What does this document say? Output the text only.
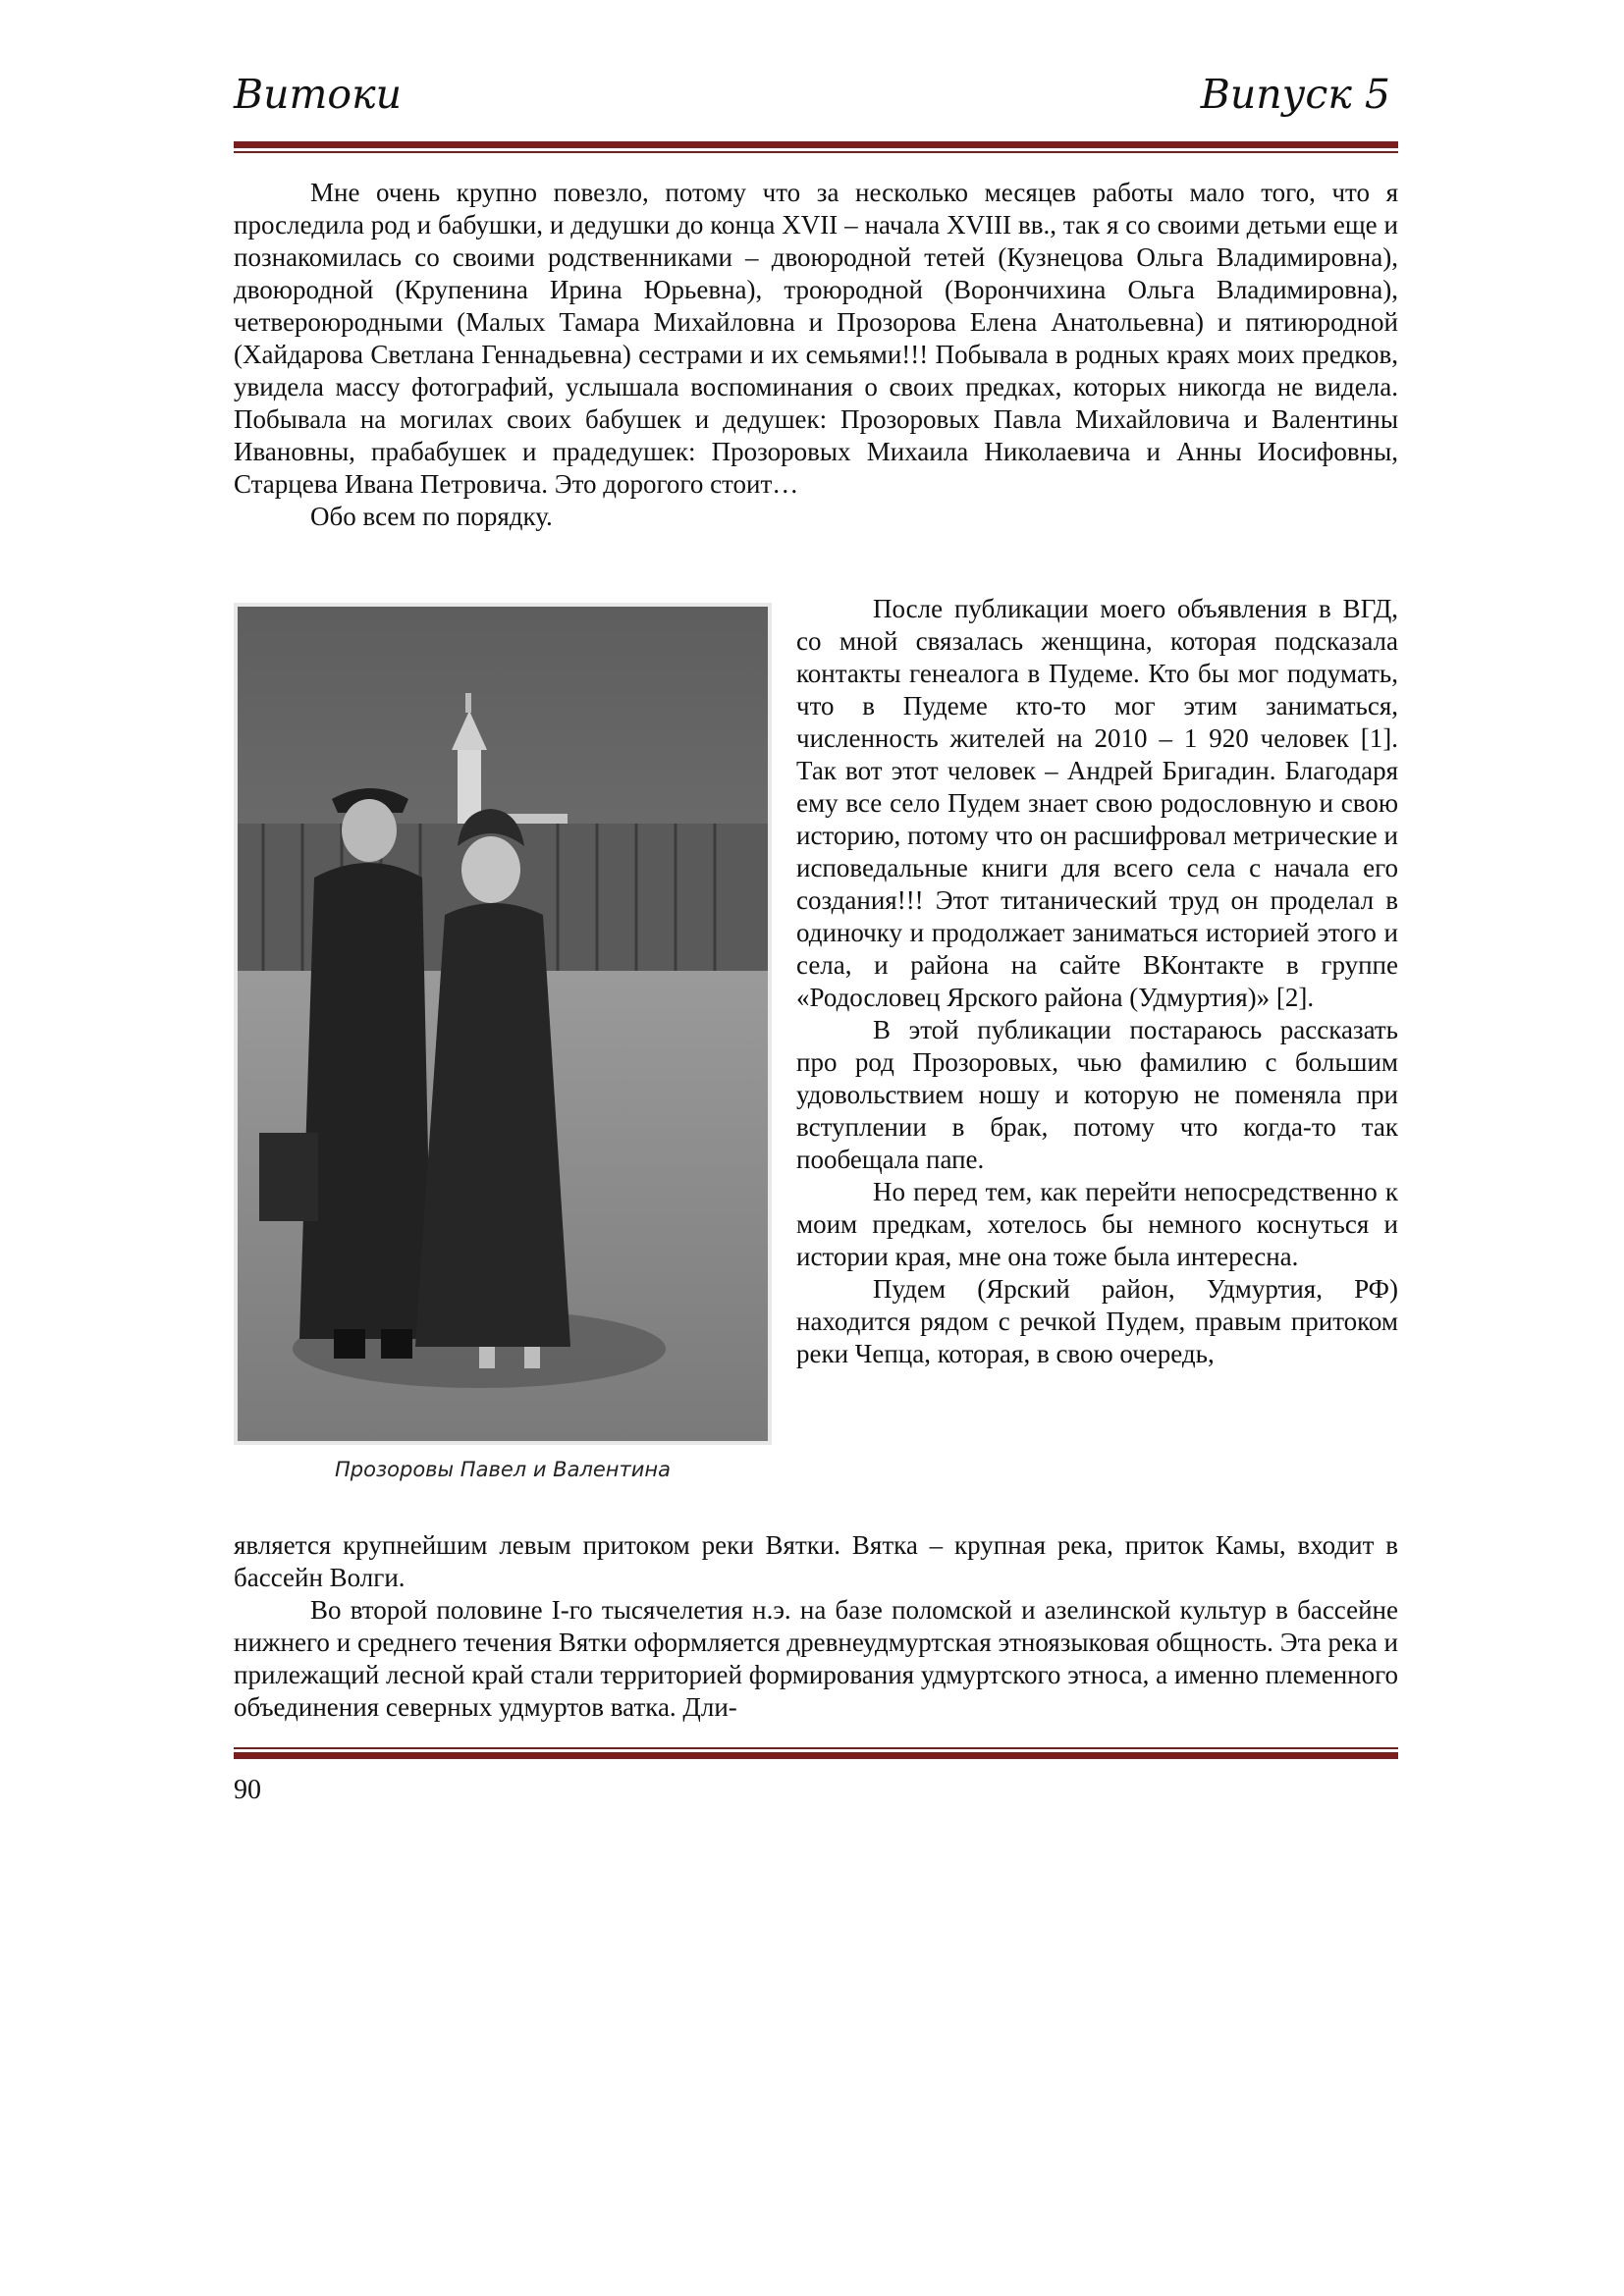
Витоки	Випуск 5

Мне очень крупно повезло, потому что за несколько месяцев работы мало того, что я проследила род и бабушки, и дедушки до конца XVII – начала XVIII вв., так я со своими детьми еще и познакомилась со своими родственниками – двоюродной тетей (Кузнецова Ольга Владимировна), двоюродной (Крупенина Ирина Юрьевна), троюродной (Ворончихина Ольга Владимировна), четвероюродными (Малых Тамара Михайловна и Прозорова Елена Анатольевна) и пятиюродной (Хайдарова Светлана Геннадьевна) сестрами и их семьями!!! Побывала в родных краях моих предков, увидела массу фотографий, услышала воспоминания о своих предках, которых никогда не видела. Побывала на могилах своих бабушек и дедушек: Прозоровых Павла Михайловича и Валентины Ивановны, прабабушек и прадедушек: Прозоровых Михаила Николаевича и Анны Иосифовны, Старцева Ивана Петровича. Это дорогого стоит…

Обо всем по порядку.

Прозоровы Павел и Валентина

После публикации моего объявления в ВГД, со мной связалась женщина, которая подсказала контакты генеалога в Пудеме. Кто бы мог подумать, что в Пудеме кто-то мог этим заниматься, численность жителей на 2010 – 1 920 человек [1]. Так вот этот человек – Андрей Бригадин. Благодаря ему все село Пудем знает свою родословную и свою историю, потому что он расшифровал метрические и исповедальные книги для всего села с начала его создания!!! Этот титанический труд он проделал в одиночку и продолжает заниматься историей этого и села, и района на сайте ВКонтакте в группе «Родословец Ярского района (Удмуртия)» [2].

В этой публикации постараюсь рассказать про род Прозоровых, чью фамилию с большим удовольствием ношу и которую не поменяла при вступлении в брак, потому что когда-то так пообещала папе.

Но перед тем, как перейти непосредственно к моим предкам, хотелось бы немного коснуться и истории края, мне она тоже была интересна.

Пудем (Ярский район, Удмуртия, РФ) находится рядом с речкой Пудем, правым притоком реки Чепца, которая, в свою очередь,

является крупнейшим левым притоком реки Вятки. Вятка – крупная река, приток Камы, входит в бассейн Волги.

Во второй половине I-го тысячелетия н.э. на базе поломской и азелинской культур в бассейне нижнего и среднего течения Вятки оформляется древнеудмуртская этноязыковая общность. Эта река и прилежащий лесной край стали территорией формирования удмуртского этноса, а именно племенного объединения северных удмуртов ватка. Дли-

90
